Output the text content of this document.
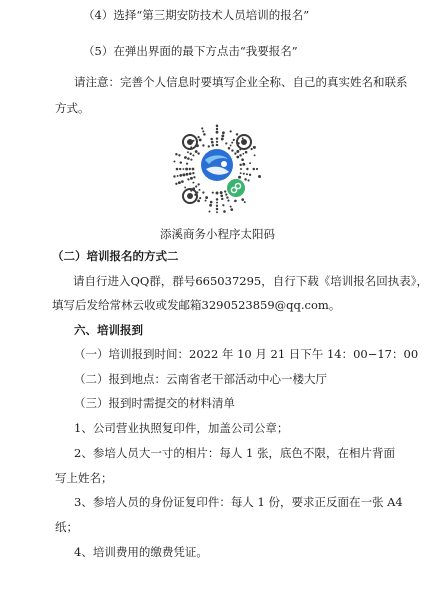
（4）选择“第三期安防技术人员培训的报名”
（5）在弹出界面的最下方点击“我要报名”
请注意：完善个人信息时要填写企业全称、自己的真实姓名和联系
方式。
添溪商务小程序太阳码
（二）培训报名的方式二
请自行进入QQ群，群号665037295，自行下载《培训报名回执表》，
填写后发给常林云收或发邮箱3290523859@qq.com。
六、培训报到
（一）培训报到时间：2022 年 10 月 21 日下午 14：00−17：00
（二）报到地点：云南省老干部活动中心一楼大厅
（三）报到时需提交的材料清单
1、公司营业执照复印件，加盖公司公章；
2、参培人员大一寸的相片：每人 1 张，底色不限，在相片背面
写上姓名；
3、参培人员的身份证复印件：每人 1 份，要求正反面在一张 A4
纸；
4、培训费用的缴费凭证。
